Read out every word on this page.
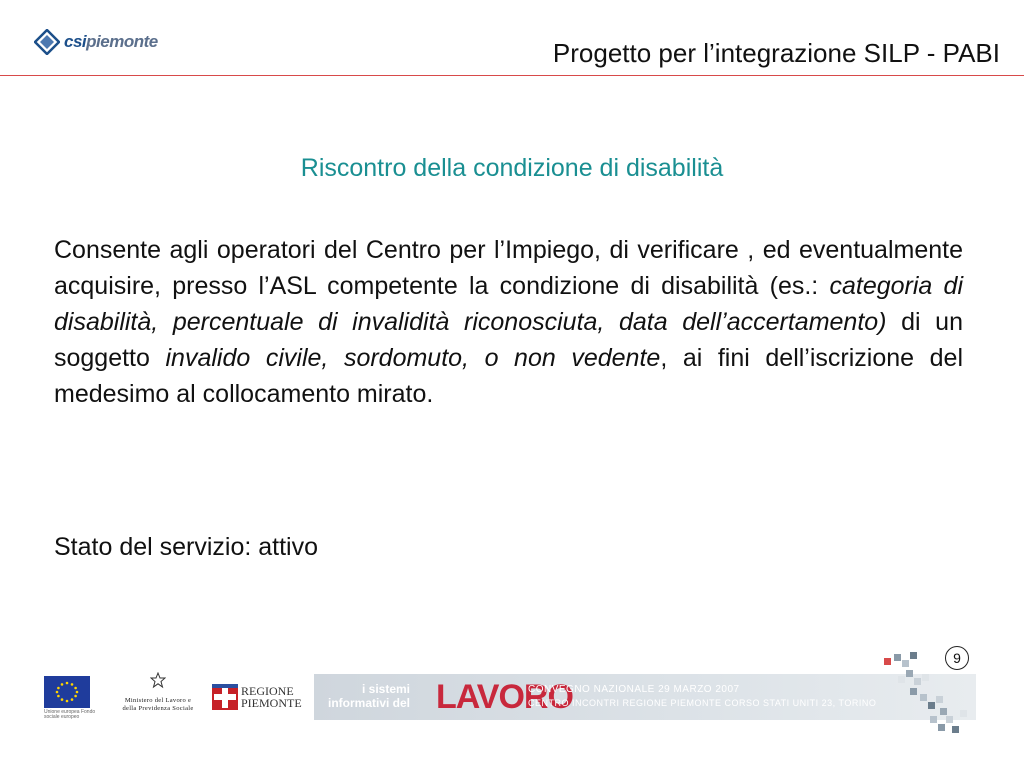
csipiemonte	Progetto per l’integrazione SILP - PABI
Riscontro della condizione di disabilità
Consente agli operatori del Centro per l’Impiego, di verificare , ed eventualmente acquisire, presso l’ASL competente la condizione di disabilità (es.: categoria di disabilità, percentuale di invalidità riconosciuta, data dell’accertamento) di un soggetto invalido civile, sordomuto, o non vedente, ai fini dell’iscrizione del medesimo al collocamento mirato.
Stato del servizio: attivo
9
Unione europea Fondo sociale europeo
Ministero del Lavoro e della Previdenza Sociale
REGIONE
PIEMONTE
i sistemi
informativi del LAVORO
CONVEGNO NAZIONALE 29 MARZO 2007
CENTRO INCONTRI REGIONE PIEMONTE CORSO STATI UNITI 23, TORINO
